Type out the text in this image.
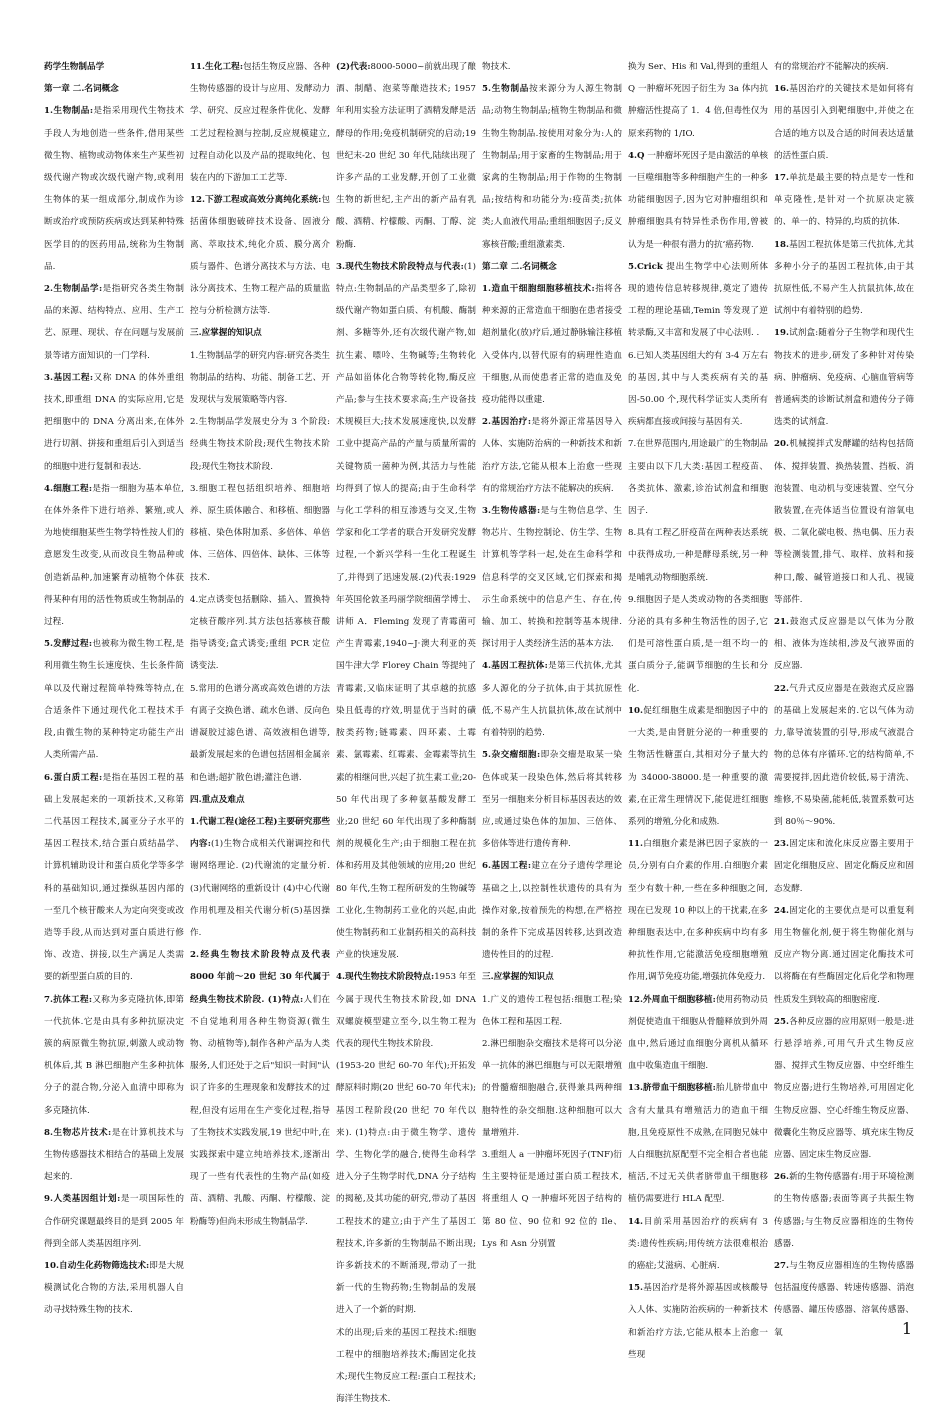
药学生物制品学

第一章 二.名词概念

1.生物制品:是指采用现代生物技术手段人为地创造一些条件,借用某些微生物、植物或动物体来生产某些初级代谢产物或次级代谢产物,或利用生物体的某一组成部分,制成作为诊断或治疗或预防疾病或达到某种特殊医学目的的医药用品,统称为生物制品.

2.生物制品学:是指研究各类生物制品的来源、结构特点、应用、生产工艺、原理、现状、存在问题与发展前景等诸方面知识的一门学科.

3.基因工程:又称 DNA 的体外重组技术,即重组 DNA 的实际应用,它是把细胞中的 DNA 分离出来,在体外进行切割、拼接和重组后引入到适当的细胞中进行复制和表达.

4.细胞工程:是指一细胞为基本单位,在体外条件下进行培养、繁殖,或人为地使细胞某些生物学特性按人们的意愿发生改变,从而改良生物品种或创造新品种,加速繁育动植物个体获得某种有用的活性物质或生物制品的过程.

5.发酵过程:也被称为微生物工程,是利用微生物生长速度快、生长条件简单以及代谢过程简单特殊等特点,在合适条件下通过现代化工程技术手段,由微生物的某种特定功能生产出人类所需产品.

6.蛋白质工程:是指在基因工程的基础上发展起来的一项新技术,又称第二代基因工程技术,属亚分子水平的基因工程技术,结合蛋白质结晶学、计算机辅助设计和蛋白质化学等多学科的基础知识,通过操纵基因内部的一至几个核苷酸来人为定向突变或改造等手段,从而达到对蛋白质进行修饰、改造、拼接,以生产满足人类需要的新型蛋白质的目的.

7.抗体工程:又称为多克隆抗体,即第一代抗体.它是由具有多种抗原决定簇的病原微生物抗原,刺激人或动物机体后,其 B 淋巴细胞产生多种抗体分子的混合物,分泌入血清中即称为多克隆抗体.

8.生物芯片技术:是在计算机技术与生物传感器技术相结合的基础上发展起来的.

9.人类基因组计划:是一项国际性的合作研究课题最终目的是到 2005 年得到全部人类基因组序列.

10.自动生化药物筛选技术:即是大规模测试化合物的方法,采用机器人自动寻找特殊生物的技术.

11.生化工程:包括生物反应器、各种生物传感器的设计与应用、发酵动力学、研究、反应过程条件优化、发酵工艺过程检测与控制,反应规模建立,过程自动化以及产品的提取纯化、包装在内的下游加工工艺等.

12.下游工程或高效分离纯化系统:包括菌体细胞破碎技术设备、固液分离、萃取技术,纯化介质、膜分离介质与器件、色谱分离技术与方法、电泳分离技术、生物工程产品的质量监控与分析检测方法等.

三.应掌握的知识点

1.生物制品学的研究内容:研究各类生物制品的结构、功能、制备工艺、开发现状与发展策略等内容.

2.生物制品学发展史分为 3 个阶段:经典生物技术阶段;现代生物技术阶段;现代生物技术阶段.

3.细胞工程包括组织培养、细胞培养、原生质体融合、和移植、细胞器移植、染色体附加系、多倍体、单倍体、三倍体、四倍体、缺体、三体等技术.

4.定点诱变包括删除、插入、置换特定核苷酸序列.其方法包括寡核苷酸指导诱变;盒式诱变;重组 PCR 定位诱变法.

5.常用的色谱分离或高效色谱的方法有离子交换色谱、疏水色谱、反向色谱凝胶过滤色谱、高效液相色谱等,最新发展起来的色谱包括固相金属亲和色谱;超扩散色谱;灌注色谱.

四.重点及难点

1.代谢工程(途径工程)主要研究那些内容:(1)生物合成相关代谢调控和代谢网络理论. (2)代谢流的定量分析. (3)代谢网络的重新设计 (4)中心代谢作用机理及相关代谢分析(5)基因操作.

2.经典生物技术阶段特点及代表 8000 年前～20 世纪 30 年代属于经典生物技术阶段. (1)特点:人们在不自觉地利用各种生物资源(微生物、动植物等),制作各种产品为人类服务,人们还处于之后"知识一时间"认识了许多的生理现象和发酵技术的过程,但没有运用在生产变化过程,指导了生物技术实践发展,19 世纪中叶,在实践探索中建立纯培养技术,逐渐出现了一些有代表性的生物产品(如疫苗、酒精、乳酸、丙酮、柠檬酸、淀粉酶等)但尚未形成生物制品学.

(2)代表:8000-5000~前就出现了酿酒、制醋、泡菜等酿造技术; 1957 年利用实验方法证明了酒精发酵是活酵母的作用;免疫机制研究的启动;19 世纪末-20 世纪 30 年代,陆续出现了许多产品的工业发酵,开创了工业微生物的新世纪,主产出的新产品有乳酸、酒精、柠檬酸、丙酮、丁醇、淀粉酶.

3.现代生物技术阶段特点与代表:(1)特点:生物制品的产品类型多了,除初级代谢产物如蛋白质、有机酸、酶制剂、多糖等外,还有次级代谢产物,如抗生素、嘌呤、生物碱等;生物转化产品如甾体化合物等转化物,酶反应产品;参与生技术要求高;生产设备技术规模巨大;技术发展速度快,以发酵工业中提高产品的产量与质量所需的关键物质一菌种为例,其活力与性能均得到了惊人的提高;由于生命科学与化工学科的相互渗透与交叉,生物学家和化工学者的联合开发研究发酵过程,一个新兴学科一生化工程诞生了,并得到了迅速发展.(2)代表:1929 年英国伦敦圣玛丽学院细菌学博士、讲师 A．Fleming 发现了青霉菌可产生青霉素,1940~J·澳大利亚的英国牛津大学 Florey Chain 等提纯了青霉素,又临床证明了其卓越的抗感染且低毒的疗效,明显优于当时的磺胺类药物;链霉素、四环素、土霉素、氯霉素、红霉素、金霉素等抗生素的相继问世,兴起了抗生素工业;20-50 年代出现了多种氨基酸发酵工业;20 世纪 60 年代出现了多种酶制剂的规模化生产;由于细胞工程在抗体和药用及其他领域的应用;20 世纪 80 年代,生物工程所研发的生物碱等工业化,生物制药工业化的兴起,由此使生物制药和工业制药相关的高科技产业的快速发展.

4.现代生物技术阶段特点:1953 年至今属于现代生物技术阶段,如 DNA 双螺旋模型建立至今,以生物工程为代表的现代生物技术阶段.

(1953-20 世纪 60-70 年代);开拓发酵原料时期(20 世纪 60-70 年代末);基因工程阶段(20 世纪 70 年代以来). (1)特点:由于微生物学、遗传学、生物化学的融合,使得生命科学进入分子生物学时代,DNA 分子结构的揭秘,及其功能的研究,带动了基因工程技术的建立;由于产生了基因工程技术,许多新的生物制品不断出现;许多新技术的不断涌现,带动了一批新一代的生物药物;生物制品的发展进入了一个新的时期.

术的出现;后来的基因工程技术:细胞工程中的细胞培养技术;酶固定化技术;现代生物反应工程:蛋白工程技术;海洋生物技术.

物技术.

5.生物制品按来源分为人源生物制品;动物生物制品;植物生物制品和微生物生物制品.按使用对象分为:人的生物制品;用于家畜的生物制品;用于家禽的生物制品;用于作物的生物制品;按结构和功能分为:疫苗类;抗体类;人血液代用品;重组细胞因子;反义寡核苷酸;重组激素类.

第二章 二.名词概念

1.造血干细胞细胞移植技术:指将各种来源的正常造血干细胞在患者接受超剂量化(放)疗后,通过静脉输注移植入受体内,以替代原有的病理性造血干细胞,从而使患者正常的造血及免疫功能得以重建.

2.基因治疗:是将外源正常基因导入人体、实施防治病的一种新技术和新治疗方法,它能从根本上治愈一些现有的常规治疗方法不能解决的疾病.

3.生物传感器:是与生物信息学、生物芯片、生物控制论、仿生学、生物计算机等学科一起,处在生命科学和信息科学的交叉区域,它们探索和揭示生命系统中的信息产生、存在,传输、加工、转换和控制等基本规律.探讨用于人类经济生活的基本方法.

4.基因工程抗体:是第三代抗体,尤其多人源化的分子抗体,由于其抗原性低,不易产生人抗鼠抗体,故在试剂中有着特别的趋势.

5.杂交瘤细胞:即杂交瘤是取某一染色体或某一段染色体,然后将其转移至另一细胞来分析目标基因表达的效应,或通过染色体的加加、三倍体、多倍体等进行遗传育种.

6.基因工程:建立在分子遗传学理论基础之上,以控制性状遗传的具有为操作对象,按着预先的构想,在严格控制的条件下完成基因转移,达到改造遗传性目的的过程.

三.应掌握的知识点

1.广义的遗传工程包括:细胞工程;染色体工程和基因工程.

2.淋巴细胞杂交瘤技术是将可以分泌单一抗体的淋巴细胞与可以无限增殖的骨髓瘤细胞融合,获得兼具两种细胞特性的杂交细胞.这种细胞可以大量增殖并.

3.重组人 a 一肿瘤坏死因子(TNF)衍生主要特征是通过蛋白质工程技术,将重组人 Q 一肿瘤坏死因子结构的第 80 位、90 位和 92 位的 Ile、Lys 和 Asn 分别置

换为 Ser、His 和 Val,得到的重组人 Q 一肿瘤坏死因子衍生为 3a 体内抗肿瘤活性提高了 1．4 倍,但毒性仅为原来药物的 1/IO.

4.Q 一肿瘤坏死因子是由激活的单核一巨噬细胞等多种细胞产生的一种多功能细胞因子,因为它对肿瘤组织和肿瘤细胞具有特异性杀伤作用,曾被认为是一种很有潜力的抗‘癌药物.

5.Crick 提出生物学中心法则所体现的遗传信息转移规律,奠定了遗传工程的理论基础,Temin 等发现了逆转录酶,又丰富和发展了中心法则. .

6.已知人类基因组大约有 3-4 万左右的基因,其中与人类疾病有关的基因-50.00 个,现代科学证实人类所有疾病都直接或间接与基因有关.

7.在世界范围内,用途最广的生物制品主要由以下几大类:基因工程疫苗、各类抗体、激素,诊治试剂盒和细胞因子.

8.具有工程乙肝疫苗在两种表达系统中获得成功,一种是酵母系统,另一种是哺乳动物细胞系统.

9.细胞因子是人类或动物的各类细胞分泌的具有多种生物活性的因子,它们是可溶性蛋白质,是一组不均一的蛋白质分子,能调节细胞的生长和分化.

10.促红细胞生成素是细胞因子中的一大类,是由肾脏分泌的一种重要的生物活性糖蛋白,其相对分子量大约为 34000-38000.是一种重要的激素,在正常生理情况下,能促进红细胞系列的增殖,分化和成熟.

11.白细胞介素是淋巴因子家族的一员,分别有白介素的作用.白细胞介素至少有数十种,一些在多种细胞之间,现在已发现 10 种以上的干扰素,在多种细胞表达中,在多种疾病中均有多种抗性作用,它能激活免疫细胞增殖作用,调节免疫功能,增强抗体免疫力.

12.外周血干细胞移植:使用药物动员剂促使造血干细胞从骨髓释放到外周血中,然后通过血细胞分离机从循环血中收集造血干细胞.

13.脐带血干细胞移植:胎儿脐带血中含有大量具有增殖活力的造血干细胞,且免疫原性不成熟,在同胞兄妹中人白细胞抗原配型不完全相合者也能植活,不过无关供者脐带血干细胞移植仍需要进行 HLA 配型.

14.目前采用基因治疗的疾病有 3 类:遗传性疾病;用传统方法很难根治的癌症;艾滋病、心脏病.

15.基因治疗是将外源基因或核酸导入人体、实施防治疾病的一种新技术和新治疗方法,它能从根本上治愈一些现

有的常规治疗不能解决的疾病.

16.基因治疗的关键技术是如何将有用的基因引入到靶细胞中,并使之在合适的地方以及合适的时间表达适量的活性蛋白质.

17.单抗是最主要的特点是专一性和单克隆性,是针对一个抗原决定簇的、单一的、特异的,均质的抗体.

18.基因工程抗体是第三代抗体,尤其多种小分子的基因工程抗体,由于其抗原性低,不易产生人抗鼠抗体,故在试剂中有着特别的趋势.

19.试剂盒:随着分子生物学和现代生物技术的进步,研发了多种针对传染病、肿瘤病、免疫病、心脑血管病等普通病类的诊断试剂盒和遗传分子筛选类的试剂盒.

20.机械搅拌式发酵罐的结构包括筒体、搅拌装置、换热装置、挡板、消泡装置、电动机与变速装置、空气分散装置,在壳体适当位置设有溶氧电极、二氧化碳电极、热电偶、压力表等检测装置,排气、取样、放料和接种口,酸、碱管道接口和人孔、视镜等部件.

21.鼓泡式反应器是以气体为分散相、液体为连续相,涉及气液界面的反应器.

22.气升式反应器是在鼓泡式反应器的基础上发展起来的.它以气体为动力,靠导流装置的引导,形成气液混合物的总体有序循环.它的结构简单,不需要搅拌,因此造价较低,易于清洗、维修,不易染菌,能耗低,装置系数可达到 80％～90%.

23.固定床和流化床反应器主要用于固定化细胞反应、固定化酶反应和固态发酵.

24.固定化的主要优点是可以重复利用生物催化剂,便于将生物催化剂与反应产物分离.通过固定化酶技术可以将酶在有些酶固定化后化学和物理性质发生到较高的细胞密度.

25.各种反应器的应用原则一般是:进行悬浮培养,可用气升式生物反应器、搅拌式生物反应器、中空纤维生物反应器;进行生物培养,可用固定化生物反应器、空心纤维生物反应器、微囊化生物反应器等、填充床生物反应器、固定床生物反应器.

26.新的生物传感器有:用于环境检测的生物传感器;表面等离子共振生物传感器;与生物反应器相连的生物传感器.

27.与生物反应器相连的生物传感器包括温度传感器、转速传感器、消泡传感器、罐压传感器、溶氧传感器、氧	1
